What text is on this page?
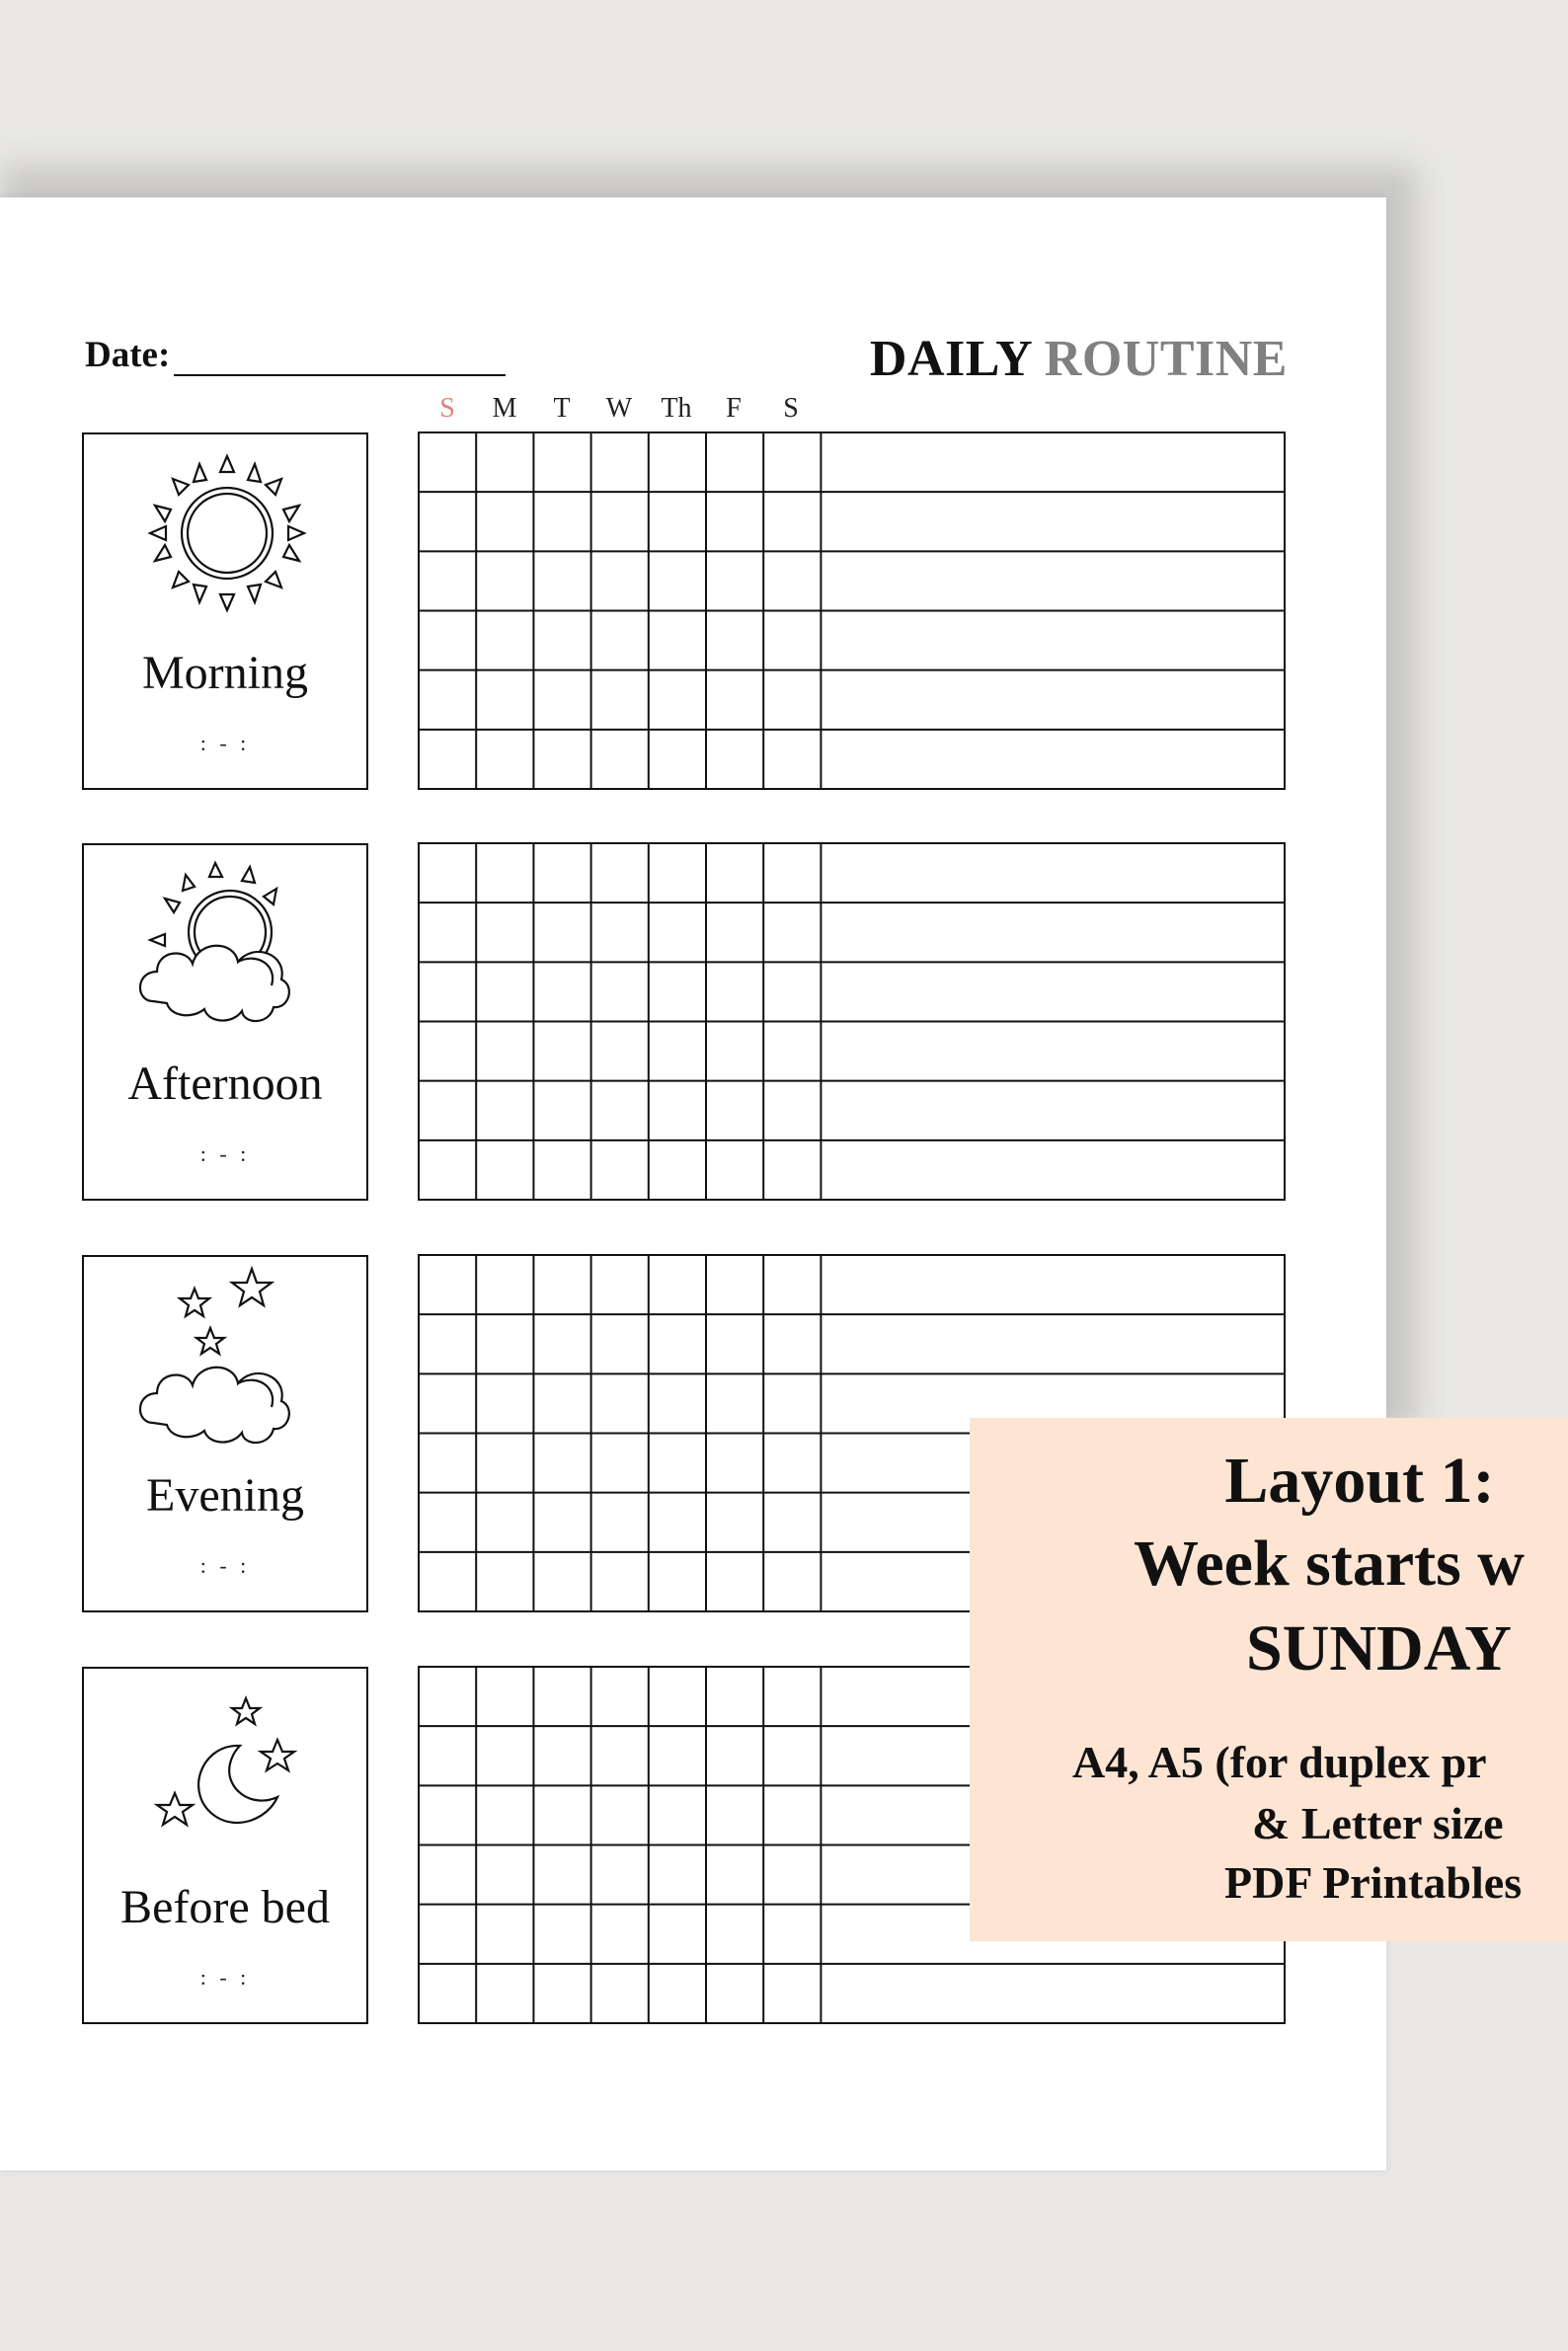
Date:	DAILY ROUTINE
S	M	T	W	Th	F	S
Morning
: - :
Afternoon
: - :
Evening
: - :
Before bed
: - :
Layout 1:
Week starts w
SUNDAY
A4, A5 (for duplex pr
& Letter size
PDF Printables
